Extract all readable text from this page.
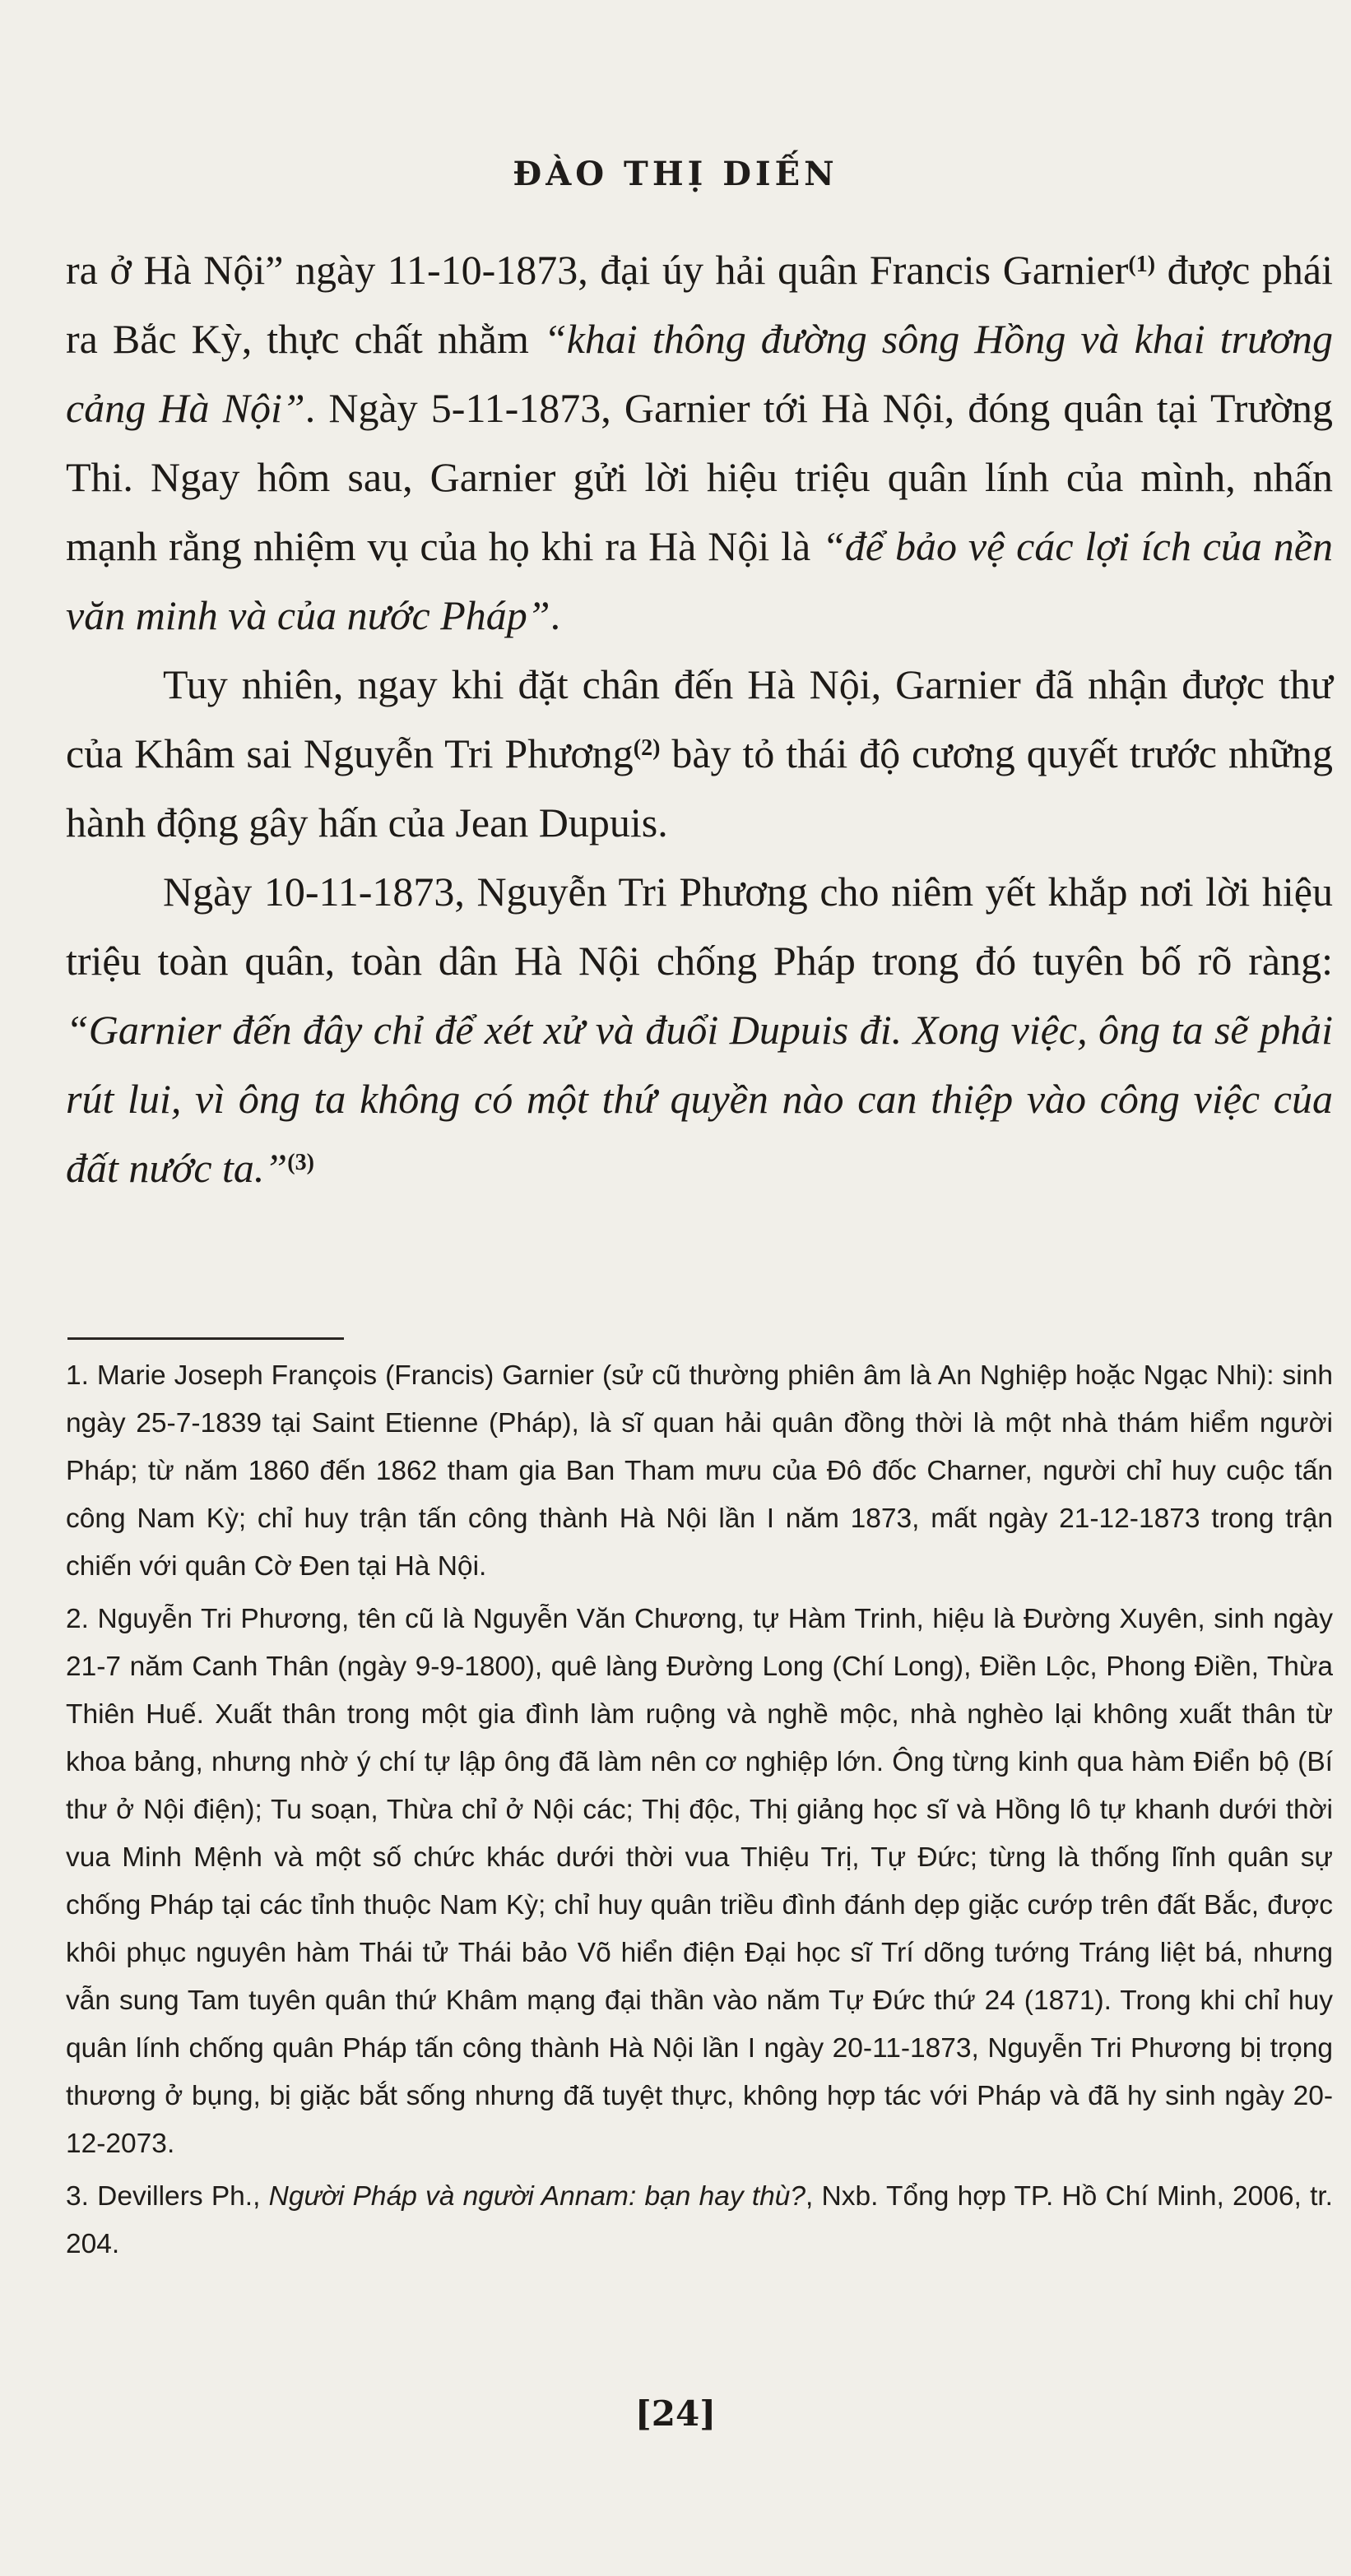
ĐÀO THỊ DIẾN

ra ở Hà Nội” ngày 11-10-1873, đại úy hải quân Francis Garnier$^{(1)}$ được phái ra Bắc Kỳ, thực chất nhằm “khai thông đường sông Hồng và khai trương cảng Hà Nội”. Ngày 5-11-1873, Garnier tới Hà Nội, đóng quân tại Trường Thi. Ngay hôm sau, Garnier gửi lời hiệu triệu quân lính của mình, nhấn mạnh rằng nhiệm vụ của họ khi ra Hà Nội là “để bảo vệ các lợi ích của nền văn minh và của nước Pháp”.

Tuy nhiên, ngay khi đặt chân đến Hà Nội, Garnier đã nhận được thư của Khâm sai Nguyễn Tri Phương$^{(2)}$ bày tỏ thái độ cương quyết trước những hành động gây hấn của Jean Dupuis.

Ngày 10-11-1873, Nguyễn Tri Phương cho niêm yết khắp nơi lời hiệu triệu toàn quân, toàn dân Hà Nội chống Pháp trong đó tuyên bố rõ ràng: “Garnier đến đây chỉ để xét xử và đuổi Dupuis đi. Xong việc, ông ta sẽ phải rút lui, vì ông ta không có một thứ quyền nào can thiệp vào công việc của đất nước ta.”$^{(3)}$

1. Marie Joseph François (Francis) Garnier (sử cũ thường phiên âm là An Nghiệp hoặc Ngạc Nhi): sinh ngày 25-7-1839 tại Saint Etienne (Pháp), là sĩ quan hải quân đồng thời là một nhà thám hiểm người Pháp; từ năm 1860 đến 1862 tham gia Ban Tham mưu của Đô đốc Charner, người chỉ huy cuộc tấn công Nam Kỳ; chỉ huy trận tấn công thành Hà Nội lần I năm 1873, mất ngày 21-12-1873 trong trận chiến với quân Cờ Đen tại Hà Nội.

2. Nguyễn Tri Phương, tên cũ là Nguyễn Văn Chương, tự Hàm Trinh, hiệu là Đường Xuyên, sinh ngày 21-7 năm Canh Thân (ngày 9-9-1800), quê làng Đường Long (Chí Long), Điền Lộc, Phong Điền, Thừa Thiên Huế. Xuất thân trong một gia đình làm ruộng và nghề mộc, nhà nghèo lại không xuất thân từ khoa bảng, nhưng nhờ ý chí tự lập ông đã làm nên cơ nghiệp lớn. Ông từng kinh qua hàm Điển bộ (Bí thư ở Nội điện); Tu soạn, Thừa chỉ ở Nội các; Thị độc, Thị giảng học sĩ và Hồng lô tự khanh dưới thời vua Minh Mệnh và một số chức khác dưới thời vua Thiệu Trị, Tự Đức; từng là thống lĩnh quân sự chống Pháp tại các tỉnh thuộc Nam Kỳ; chỉ huy quân triều đình đánh dẹp giặc cướp trên đất Bắc, được khôi phục nguyên hàm Thái tử Thái bảo Võ hiển điện Đại học sĩ Trí dõng tướng Tráng liệt bá, nhưng vẫn sung Tam tuyên quân thứ Khâm mạng đại thần vào năm Tự Đức thứ 24 (1871). Trong khi chỉ huy quân lính chống quân Pháp tấn công thành Hà Nội lần I ngày 20-11-1873, Nguyễn Tri Phương bị trọng thương ở bụng, bị giặc bắt sống nhưng đã tuyệt thực, không hợp tác với Pháp và đã hy sinh ngày 20-12-2073.

3. Devillers Ph., Người Pháp và người Annam: bạn hay thù?, Nxb. Tổng hợp TP. Hồ Chí Minh, 2006, tr. 204.

[24]
